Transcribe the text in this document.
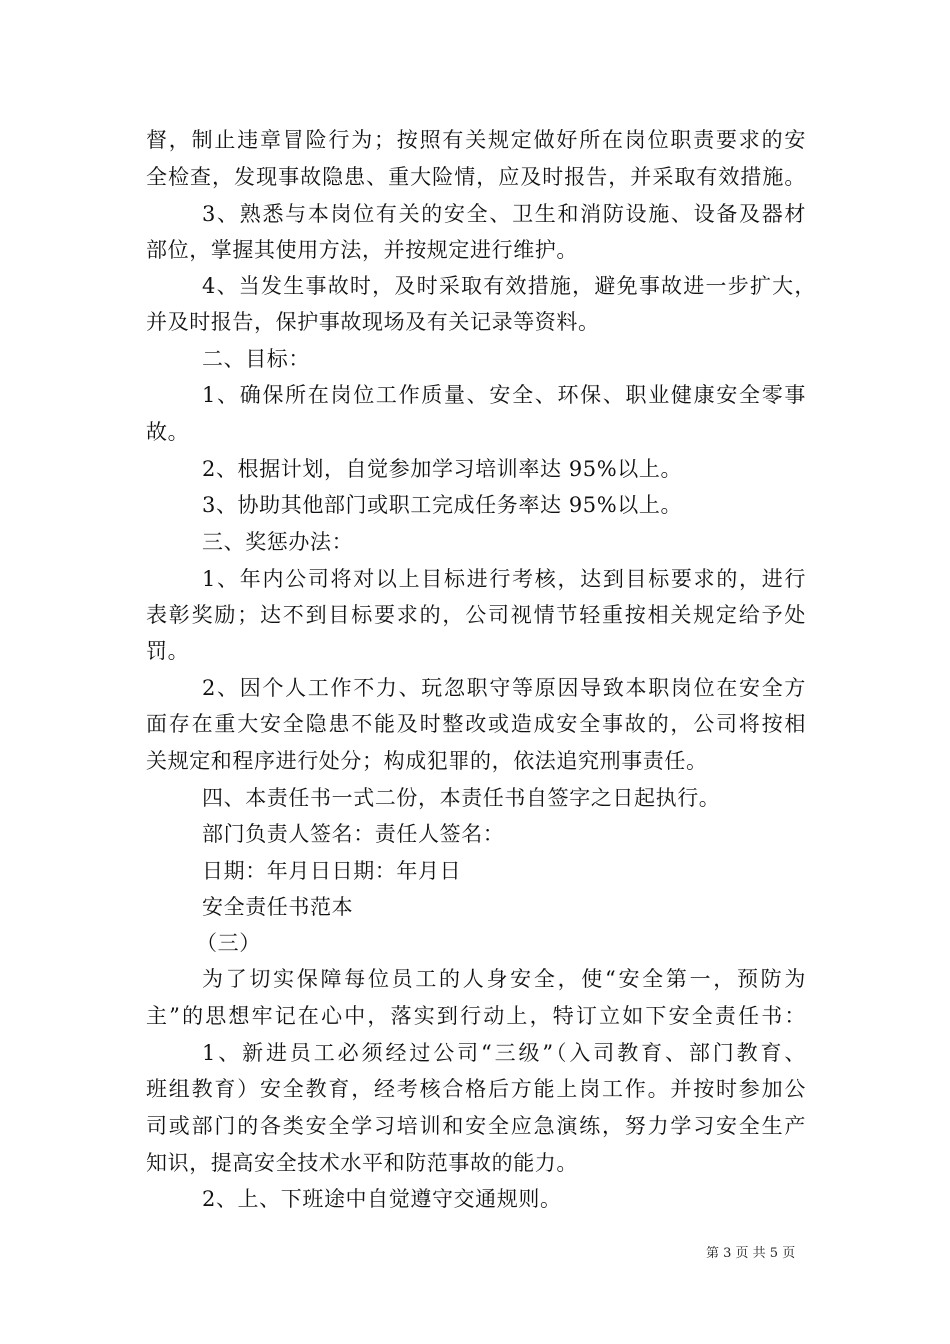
督，制止违章冒险行为；按照有关规定做好所在岗位职责要求的安
全检查，发现事故隐患、重大险情，应及时报告，并采取有效措施。
3、熟悉与本岗位有关的安全、卫生和消防设施、设备及器材
部位，掌握其使用方法，并按规定进行维护。
4、当发生事故时，及时采取有效措施，避免事故进一步扩大，
并及时报告，保护事故现场及有关记录等资料。
二、目标：
1、确保所在岗位工作质量、安全、环保、职业健康安全零事
故。
2、根据计划，自觉参加学习培训率达 95%以上。
3、协助其他部门或职工完成任务率达 95%以上。
三、奖惩办法：
1、年内公司将对以上目标进行考核，达到目标要求的，进行
表彰奖励；达不到目标要求的，公司视情节轻重按相关规定给予处
罚。
2、因个人工作不力、玩忽职守等原因导致本职岗位在安全方
面存在重大安全隐患不能及时整改或造成安全事故的，公司将按相
关规定和程序进行处分；构成犯罪的，依法追究刑事责任。
四、本责任书一式二份，本责任书自签字之日起执行。
部门负责人签名：责任人签名：
日期：年月日日期：年月日
安全责任书范本
（三）
为了切实保障每位员工的人身安全，使“安全第一，预防为
主”的思想牢记在心中，落实到行动上，特订立如下安全责任书：
1、新进员工必须经过公司“三级”（入司教育、部门教育、
班组教育）安全教育，经考核合格后方能上岗工作。并按时参加公
司或部门的各类安全学习培训和安全应急演练，努力学习安全生产
知识，提高安全技术水平和防范事故的能力。
2、上、下班途中自觉遵守交通规则。
第 3 页 共 5 页
